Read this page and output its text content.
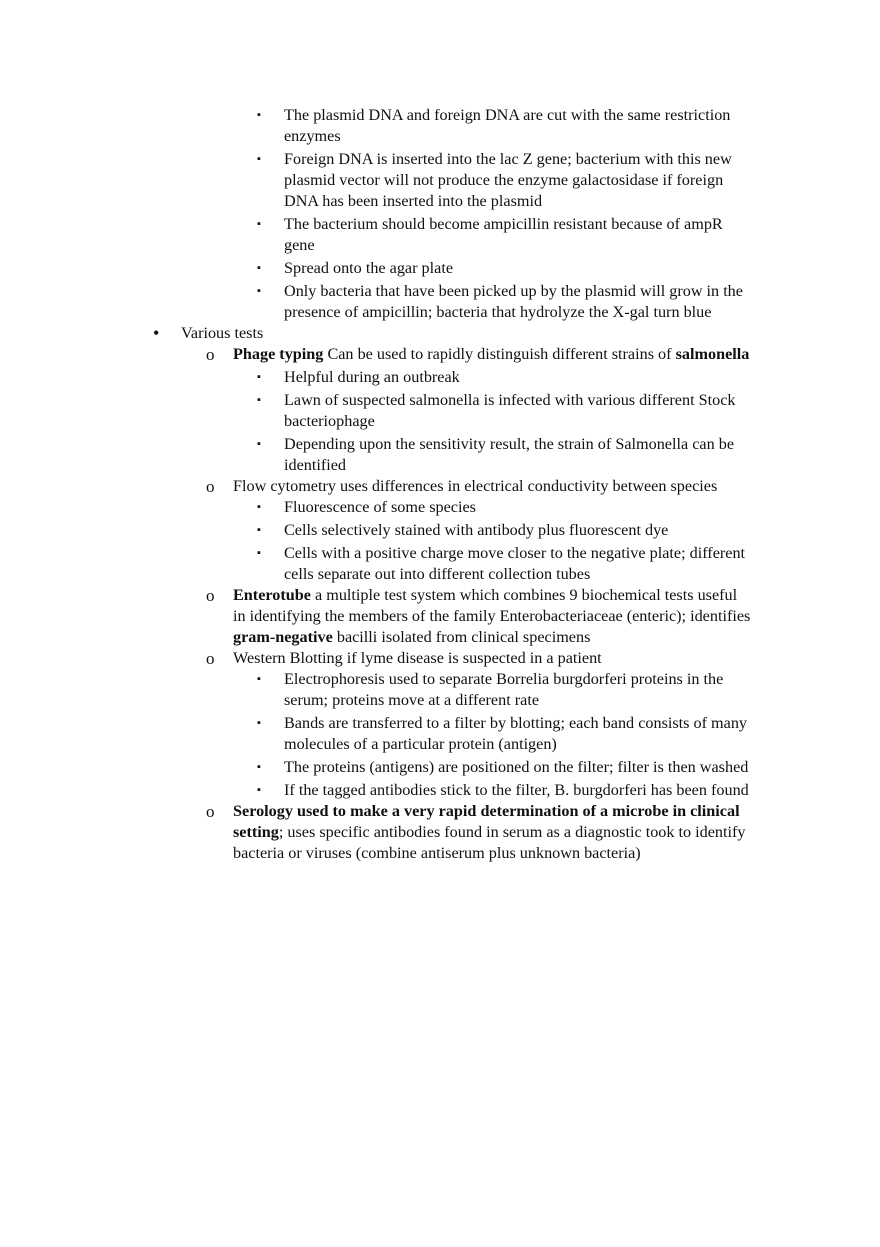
▪ The plasmid DNA and foreign DNA are cut with the same restriction enzymes
▪ Foreign DNA is inserted into the lac Z gene; bacterium with this new plasmid vector will not produce the enzyme galactosidase if foreign DNA has been inserted into the plasmid
▪ The bacterium should become ampicillin resistant because of ampR gene
▪ Spread onto the agar plate
▪ Only bacteria that have been picked up by the plasmid will grow in the presence of ampicillin; bacteria that hydrolyze the X-gal turn blue
• Various tests
o Phage typing Can be used to rapidly distinguish different strains of salmonella
▪ Helpful during an outbreak
▪ Lawn of suspected salmonella is infected with various different Stock bacteriophage
▪ Depending upon the sensitivity result, the strain of Salmonella can be identified
o Flow cytometry uses differences in electrical conductivity between species
▪ Fluorescence of some species
▪ Cells selectively stained with antibody plus fluorescent dye
▪ Cells with a positive charge move closer to the negative plate; different cells separate out into different collection tubes
o Enterotube a multiple test system which combines 9 biochemical tests useful in identifying the members of the family Enterobacteriaceae (enteric); identifies gram-negative bacilli isolated from clinical specimens
o Western Blotting if lyme disease is suspected in a patient
▪ Electrophoresis used to separate Borrelia burgdorferi proteins in the serum; proteins move at a different rate
▪ Bands are transferred to a filter by blotting; each band consists of many molecules of a particular protein (antigen)
▪ The proteins (antigens) are positioned on the filter; filter is then washed
▪ If the tagged antibodies stick to the filter, B. burgdorferi has been found
o Serology used to make a very rapid determination of a microbe in clinical setting; uses specific antibodies found in serum as a diagnostic took to identify bacteria or viruses (combine antiserum plus unknown bacteria)
